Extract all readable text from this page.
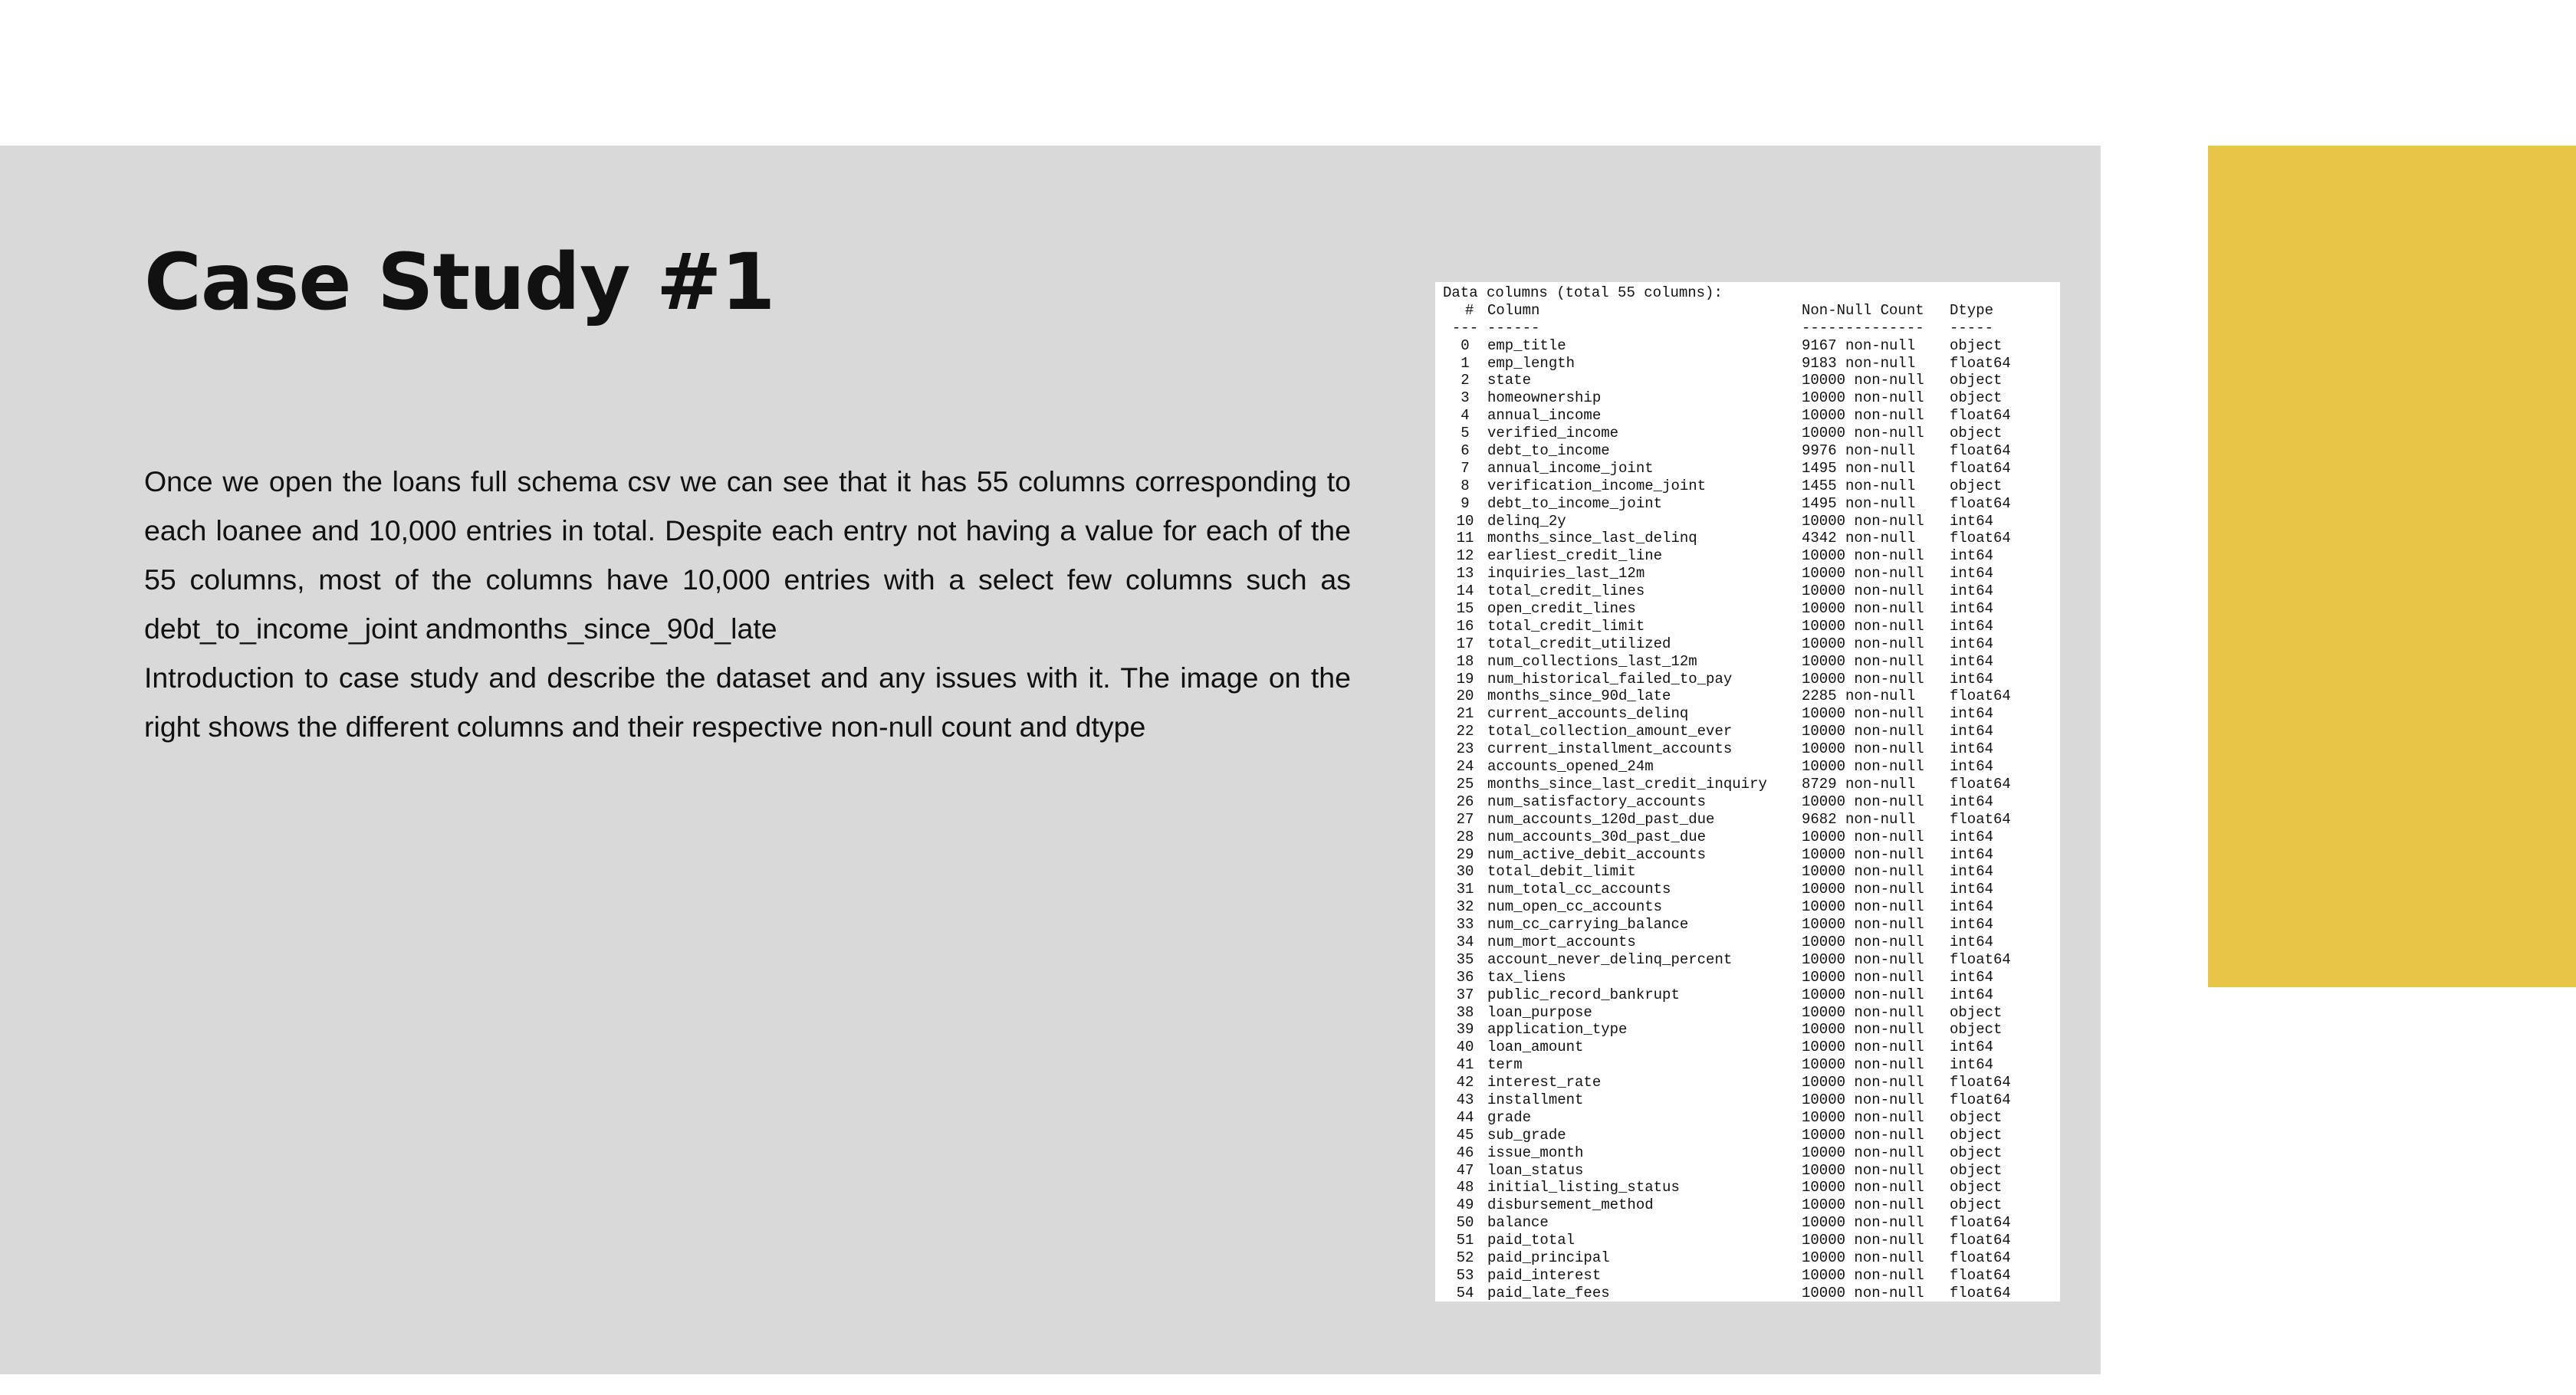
Case Study #1

Once we open the loans full schema csv we can see that it has 55 columns corresponding to each loanee and 10,000 entries in total. Despite each entry not having a value for each of the 55 columns, most of the columns have 10,000 entries with a select few columns such as debt_to_income_joint andmonths_since_90d_late

Introduction to case study and describe the dataset and any issues with it. The image on the right shows the different columns and their respective non-null count and dtype

Data columns (total 55 columns):
# Column	Non-Null Count Dtype
--- ------	-------------- -----
0 emp_title	9167 non-null object
1 emp_length	9183 non-null float64
2 state	10000 non-null object
3 homeownership	10000 non-null object
4 annual_income	10000 non-null float64
5 verified_income	10000 non-null object
6 debt_to_income	9976 non-null float64
7 annual_income_joint	1495 non-null float64
8 verification_income_joint	1455 non-null object
9 debt_to_income_joint	1495 non-null float64
10 delinq_2y	10000 non-null int64
11 months_since_last_delinq	4342 non-null float64
12 earliest_credit_line	10000 non-null int64
13 inquiries_last_12m	10000 non-null int64
14 total_credit_lines	10000 non-null int64
15 open_credit_lines	10000 non-null int64
16 total_credit_limit	10000 non-null int64
17 total_credit_utilized	10000 non-null int64
18 num_collections_last_12m	10000 non-null int64
19 num_historical_failed_to_pay	10000 non-null int64
20 months_since_90d_late	2285 non-null float64
21 current_accounts_delinq	10000 non-null int64
22 total_collection_amount_ever	10000 non-null int64
23 current_installment_accounts	10000 non-null int64
24 accounts_opened_24m	10000 non-null int64
25 months_since_last_credit_inquiry 8729 non-null float64
26 num_satisfactory_accounts	10000 non-null int64
27 num_accounts_120d_past_due	9682 non-null float64
28 num_accounts_30d_past_due	10000 non-null int64
29 num_active_debit_accounts	10000 non-null int64
30 total_debit_limit	10000 non-null int64
31 num_total_cc_accounts	10000 non-null int64
32 num_open_cc_accounts	10000 non-null int64
33 num_cc_carrying_balance	10000 non-null int64
34 num_mort_accounts	10000 non-null int64
35 account_never_delinq_percent	10000 non-null float64
36 tax_liens	10000 non-null int64
37 public_record_bankrupt	10000 non-null int64
38 loan_purpose	10000 non-null object
39 application_type	10000 non-null object
40 loan_amount	10000 non-null int64
41 term	10000 non-null int64
42 interest_rate	10000 non-null float64
43 installment	10000 non-null float64
44 grade	10000 non-null object
45 sub_grade	10000 non-null object
46 issue_month	10000 non-null object
47 loan_status	10000 non-null object
48 initial_listing_status	10000 non-null object
49 disbursement_method	10000 non-null object
50 balance	10000 non-null float64
51 paid_total	10000 non-null float64
52 paid_principal	10000 non-null float64
53 paid_interest	10000 non-null float64
54 paid_late_fees	10000 non-null float64
